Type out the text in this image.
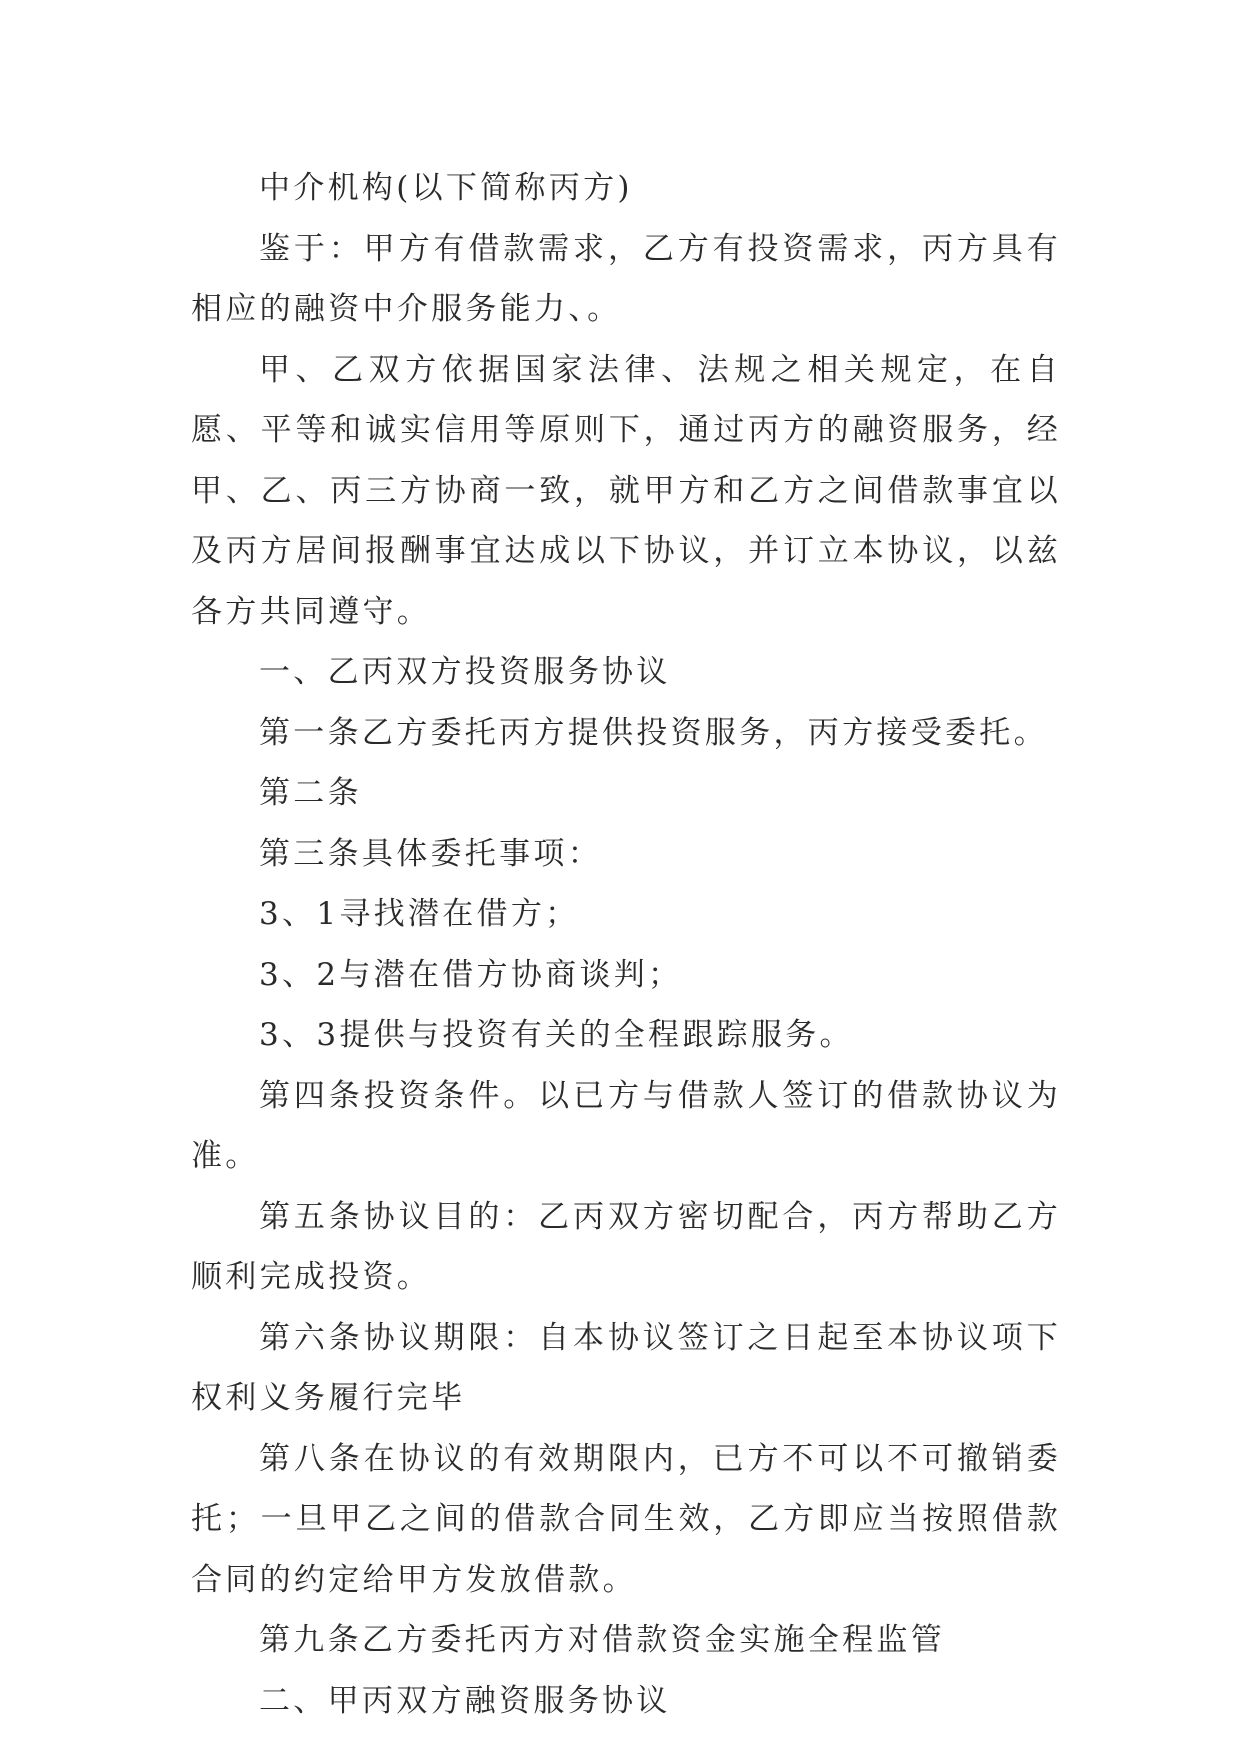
中介机构(以下简称丙方)

鉴于：甲方有借款需求，乙方有投资需求，丙方具有相应的融资中介服务能力、。

甲、乙双方依据国家法律、法规之相关规定，在自愿、平等和诚实信用等原则下，通过丙方的融资服务，经甲、乙、丙三方协商一致，就甲方和乙方之间借款事宜以及丙方居间报酬事宜达成以下协议，并订立本协议，以兹各方共同遵守。

一、乙丙双方投资服务协议

第一条乙方委托丙方提供投资服务，丙方接受委托。

第二条

第三条具体委托事项：

3、1寻找潜在借方；

3、2与潜在借方协商谈判；

3、3提供与投资有关的全程跟踪服务。

第四条投资条件。以已方与借款人签订的借款协议为准。

第五条协议目的：乙丙双方密切配合，丙方帮助乙方顺利完成投资。

第六条协议期限：自本协议签订之日起至本协议项下权利义务履行完毕

第八条在协议的有效期限内，已方不可以不可撤销委托；一旦甲乙之间的借款合同生效，乙方即应当按照借款合同的约定给甲方发放借款。

第九条乙方委托丙方对借款资金实施全程监管

二、甲丙双方融资服务协议
